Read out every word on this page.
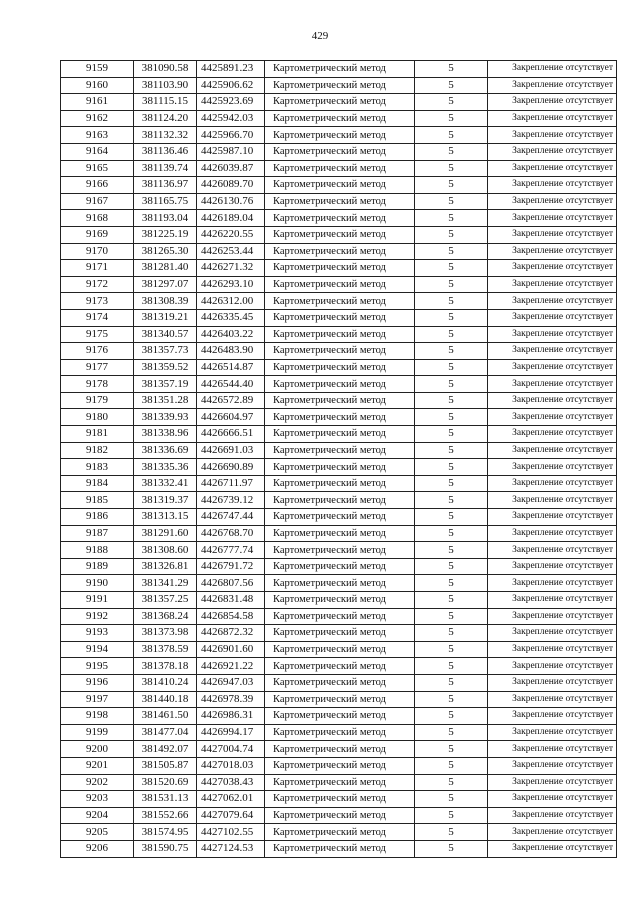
429
9159	381090.58	4425891.23	Картометрический метод	5	Закрепление отсутствует
9160	381103.90	4425906.62	Картометрический метод	5	Закрепление отсутствует
9161	381115.15	4425923.69	Картометрический метод	5	Закрепление отсутствует
9162	381124.20	4425942.03	Картометрический метод	5	Закрепление отсутствует
9163	381132.32	4425966.70	Картометрический метод	5	Закрепление отсутствует
9164	381136.46	4425987.10	Картометрический метод	5	Закрепление отсутствует
9165	381139.74	4426039.87	Картометрический метод	5	Закрепление отсутствует
9166	381136.97	4426089.70	Картометрический метод	5	Закрепление отсутствует
9167	381165.75	4426130.76	Картометрический метод	5	Закрепление отсутствует
9168	381193.04	4426189.04	Картометрический метод	5	Закрепление отсутствует
9169	381225.19	4426220.55	Картометрический метод	5	Закрепление отсутствует
9170	381265.30	4426253.44	Картометрический метод	5	Закрепление отсутствует
9171	381281.40	4426271.32	Картометрический метод	5	Закрепление отсутствует
9172	381297.07	4426293.10	Картометрический метод	5	Закрепление отсутствует
9173	381308.39	4426312.00	Картометрический метод	5	Закрепление отсутствует
9174	381319.21	4426335.45	Картометрический метод	5	Закрепление отсутствует
9175	381340.57	4426403.22	Картометрический метод	5	Закрепление отсутствует
9176	381357.73	4426483.90	Картометрический метод	5	Закрепление отсутствует
9177	381359.52	4426514.87	Картометрический метод	5	Закрепление отсутствует
9178	381357.19	4426544.40	Картометрический метод	5	Закрепление отсутствует
9179	381351.28	4426572.89	Картометрический метод	5	Закрепление отсутствует
9180	381339.93	4426604.97	Картометрический метод	5	Закрепление отсутствует
9181	381338.96	4426666.51	Картометрический метод	5	Закрепление отсутствует
9182	381336.69	4426691.03	Картометрический метод	5	Закрепление отсутствует
9183	381335.36	4426690.89	Картометрический метод	5	Закрепление отсутствует
9184	381332.41	4426711.97	Картометрический метод	5	Закрепление отсутствует
9185	381319.37	4426739.12	Картометрический метод	5	Закрепление отсутствует
9186	381313.15	4426747.44	Картометрический метод	5	Закрепление отсутствует
9187	381291.60	4426768.70	Картометрический метод	5	Закрепление отсутствует
9188	381308.60	4426777.74	Картометрический метод	5	Закрепление отсутствует
9189	381326.81	4426791.72	Картометрический метод	5	Закрепление отсутствует
9190	381341.29	4426807.56	Картометрический метод	5	Закрепление отсутствует
9191	381357.25	4426831.48	Картометрический метод	5	Закрепление отсутствует
9192	381368.24	4426854.58	Картометрический метод	5	Закрепление отсутствует
9193	381373.98	4426872.32	Картометрический метод	5	Закрепление отсутствует
9194	381378.59	4426901.60	Картометрический метод	5	Закрепление отсутствует
9195	381378.18	4426921.22	Картометрический метод	5	Закрепление отсутствует
9196	381410.24	4426947.03	Картометрический метод	5	Закрепление отсутствует
9197	381440.18	4426978.39	Картометрический метод	5	Закрепление отсутствует
9198	381461.50	4426986.31	Картометрический метод	5	Закрепление отсутствует
9199	381477.04	4426994.17	Картометрический метод	5	Закрепление отсутствует
9200	381492.07	4427004.74	Картометрический метод	5	Закрепление отсутствует
9201	381505.87	4427018.03	Картометрический метод	5	Закрепление отсутствует
9202	381520.69	4427038.43	Картометрический метод	5	Закрепление отсутствует
9203	381531.13	4427062.01	Картометрический метод	5	Закрепление отсутствует
9204	381552.66	4427079.64	Картометрический метод	5	Закрепление отсутствует
9205	381574.95	4427102.55	Картометрический метод	5	Закрепление отсутствует
9206	381590.75	4427124.53	Картометрический метод	5	Закрепление отсутствует
